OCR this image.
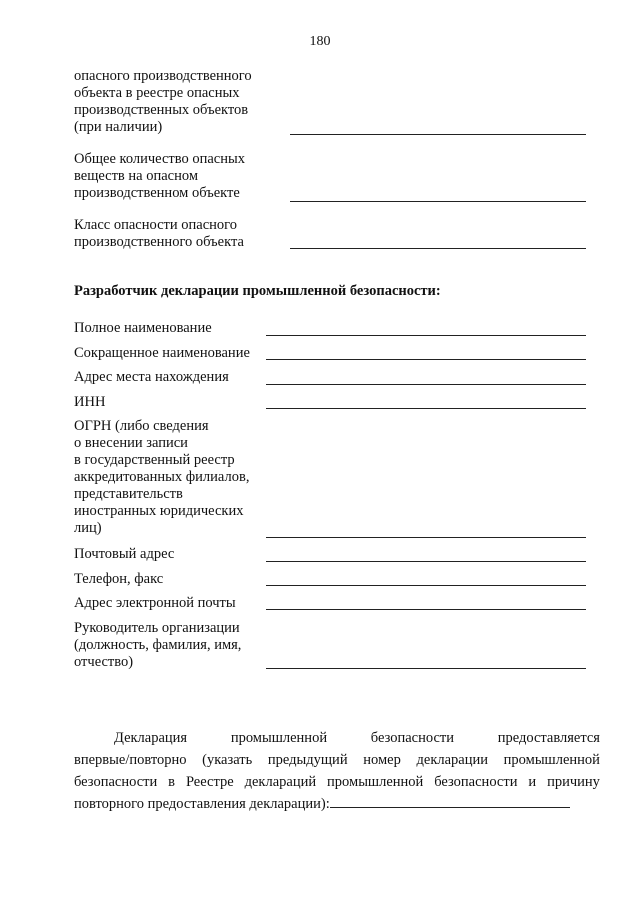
180
опасного производственного
объекта в реестре опасных
производственных объектов
(при наличии)
Общее количество опасных
веществ на опасном
производственном объекте
Класс опасности опасного
производственного объекта
Разработчик декларации промышленной безопасности:
Полное наименование
Сокращенное наименование
Адрес места нахождения
ИНН
ОГРН (либо сведения
о внесении записи
в государственный реестр
аккредитованных филиалов,
представительств
иностранных юридических
лиц)
Почтовый адрес
Телефон, факс
Адрес электронной почты
Руководитель организации
(должность, фамилия, имя,
отчество)
Декларация	промышленной	безопасности	предоставляется
впервые/повторно (указать предыдущий номер декларации промышленной
безопасности в Реестре деклараций промышленной безопасности и причину
повторного предоставления декларации):
